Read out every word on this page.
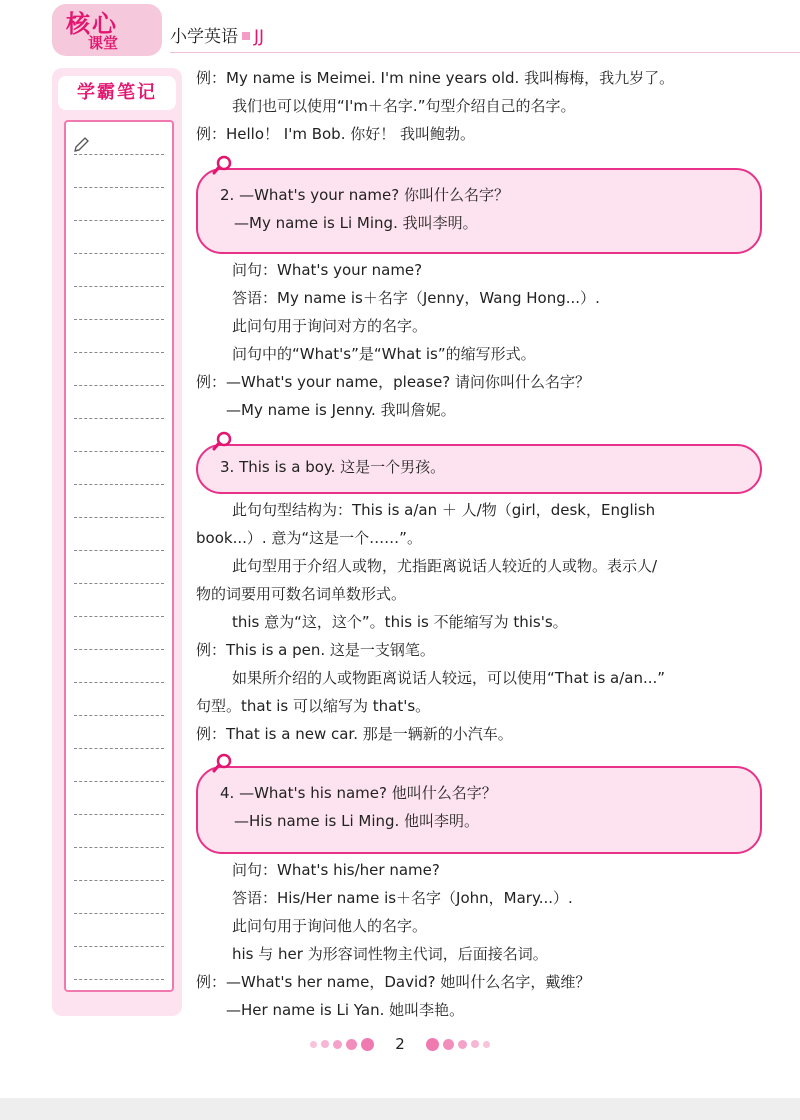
核心
课堂	小学英语 JJ
学霸笔记
例：My name is Meimei. I'm nine years old. 我叫梅梅，我九岁了。
我们也可以使用“I'm＋名字.”句型介绍自己的名字。
例：Hello！ I'm Bob. 你好！ 我叫鲍勃。
问句：What's your name?
答语：My name is＋名字（Jenny，Wang Hong...）.
此问句用于询问对方的名字。
问句中的“What's”是“What is”的缩写形式。
例：—What's your name，please? 请问你叫什么名字？
—My name is Jenny. 我叫詹妮。
此句句型结构为：This is a/an ＋ 人/物（girl，desk，English
book...）. 意为“这是一个……”。
此句型用于介绍人或物，尤指距离说话人较近的人或物。表示人/
物的词要用可数名词单数形式。
this 意为“这，这个”。this is 不能缩写为 this's。
例：This is a pen. 这是一支钢笔。
如果所介绍的人或物距离说话人较远，可以使用“That is a/an...”
句型。that is 可以缩写为 that's。
例：That is a new car. 那是一辆新的小汽车。
问句：What's his/her name?
答语：His/Her name is＋名字（John，Mary...）.
此问句用于询问他人的名字。
his 与 her 为形容词性物主代词，后面接名词。
例：—What's her name，David? 她叫什么名字，戴维？
—Her name is Li Yan. 她叫李艳。
2. —What's your name? 你叫什么名字？
—My name is Li Ming. 我叫李明。
3. This is a boy. 这是一个男孩。
4. —What's his name? 他叫什么名字？
—His name is Li Ming. 他叫李明。
2
